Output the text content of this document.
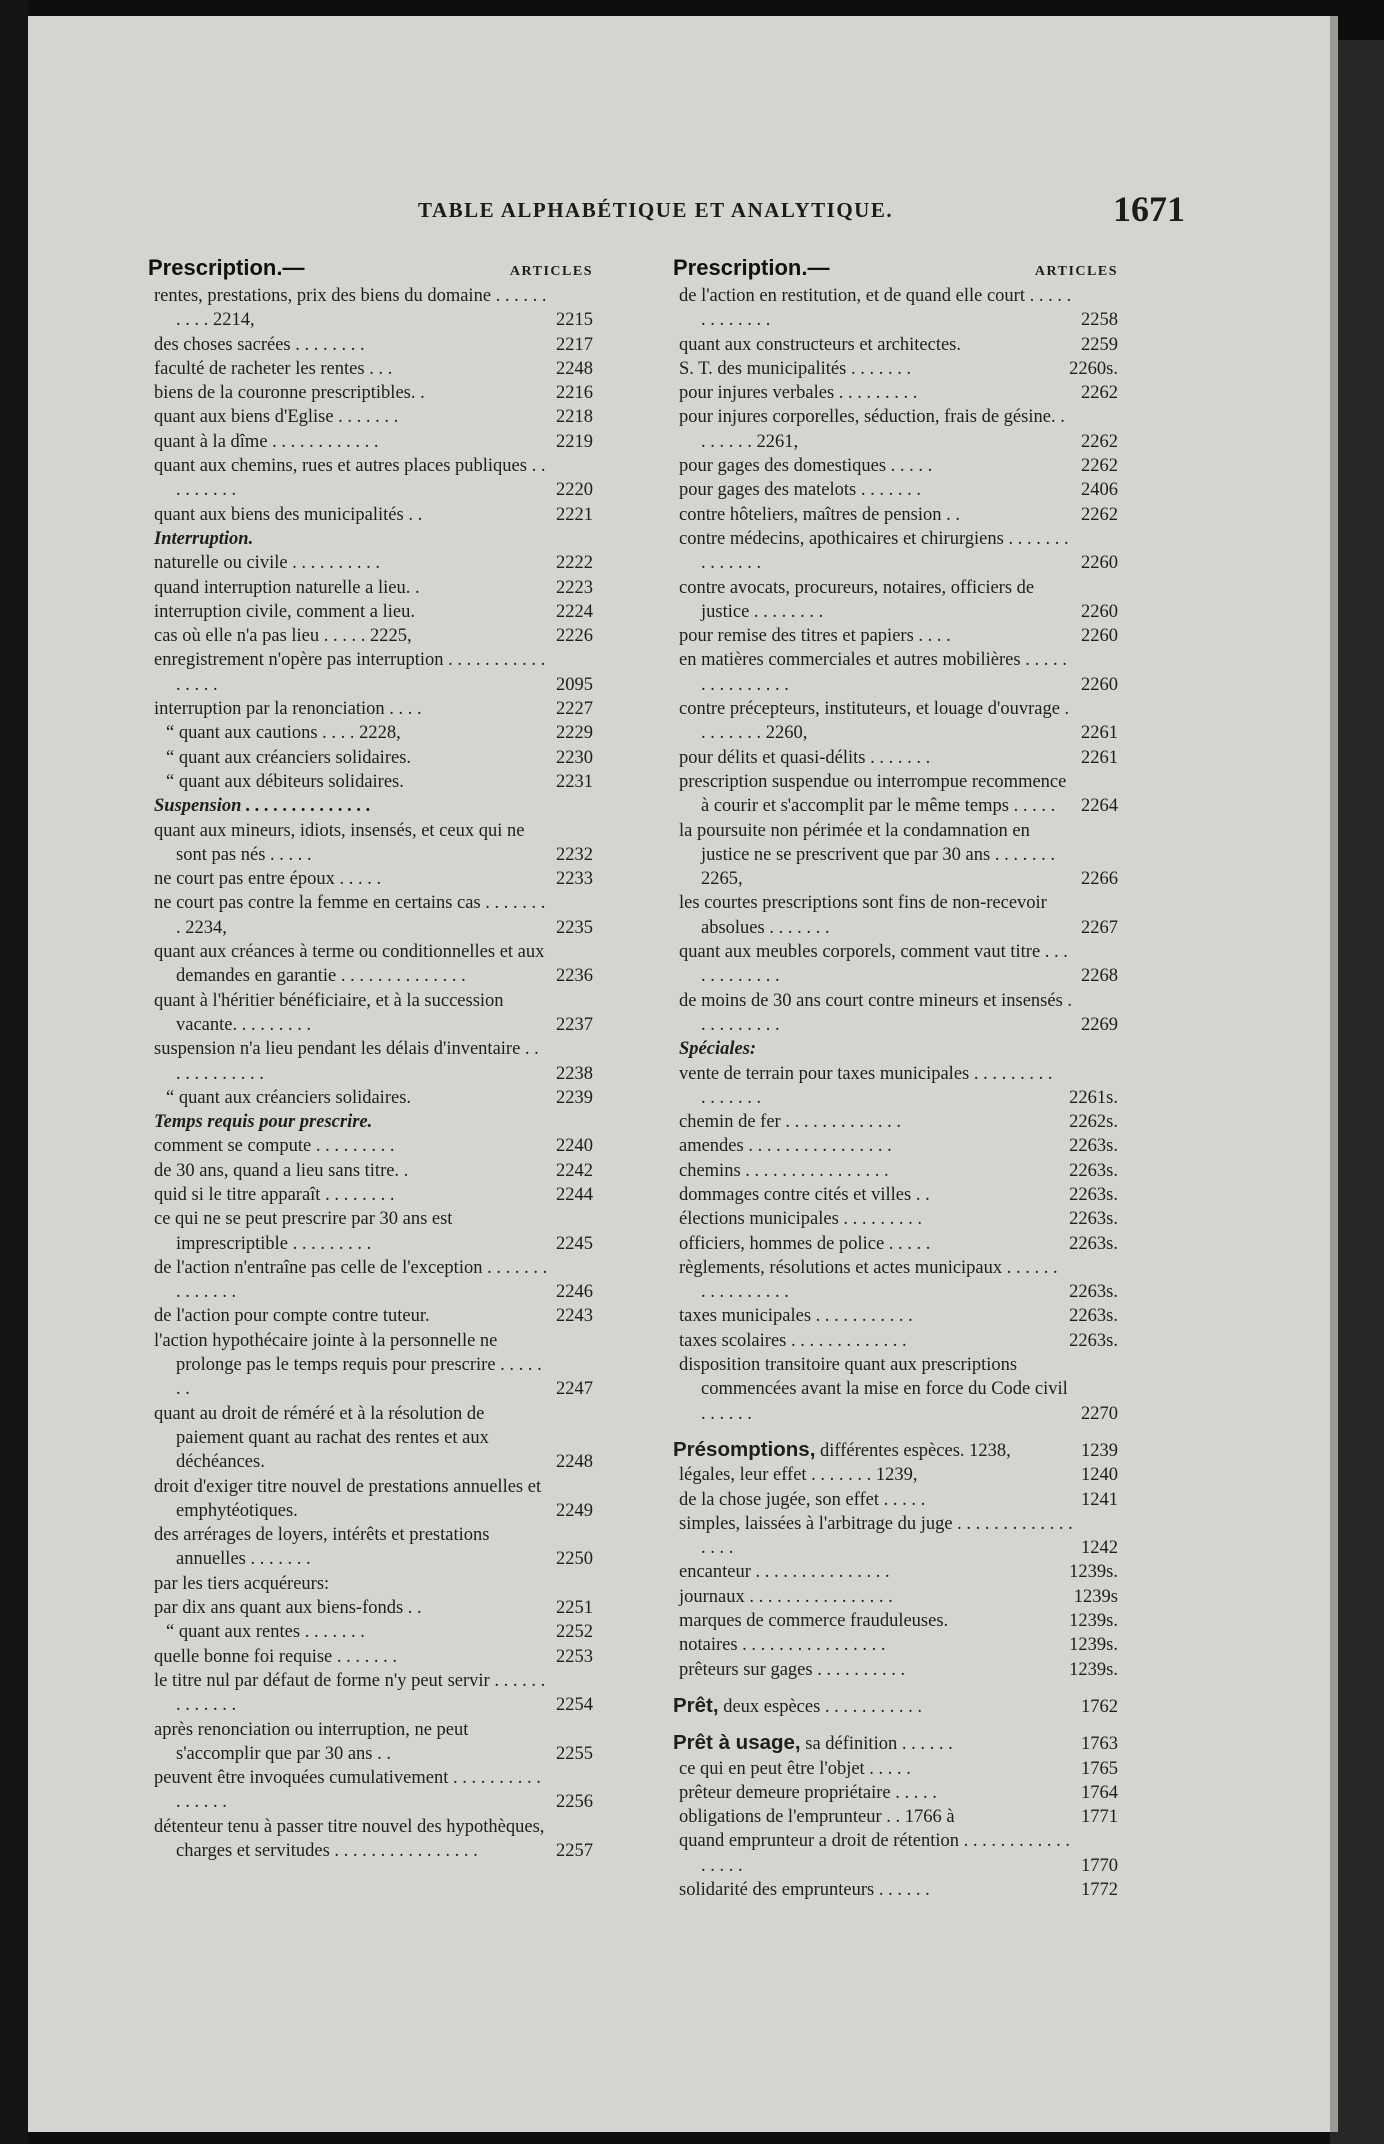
TABLE ALPHABÉTIQUE ET ANALYTIQUE.	1671
Prescription.—	ARTICLES
rentes, prestations, prix des biens du domaine . . . . . . . . . . 2214,	2215
des choses sacrées . . . . . . . .	2217
faculté de racheter les rentes . . .	2248
biens de la couronne prescriptibles. .	2216
quant aux biens d'Eglise . . . . . . .	2218
quant à la dîme . . . . . . . . . . . .	2219
quant aux chemins, rues et autres places publiques . . . . . . . . .	2220
quant aux biens des municipalités . .	2221
Interruption.
naturelle ou civile . . . . . . . . . .	2222
quand interruption naturelle a lieu. .	2223
interruption civile, comment a lieu.	2224
cas où elle n'a pas lieu . . . . . 2225,	2226
enregistrement n'opère pas interruption . . . . . . . . . . . . . . . .	2095
interruption par la renonciation . . . .	2227
“ quant aux cautions . . . . 2228,	2229
“ quant aux créanciers solidaires.	2230
“ quant aux débiteurs solidaires.	2231
Suspension . . . . . . . . . . . . . .
quant aux mineurs, idiots, insensés, et ceux qui ne sont pas nés . . . . .	2232
ne court pas entre époux . . . . .	2233
ne court pas contre la femme en certains cas . . . . . . . . 2234,	2235
quant aux créances à terme ou conditionnelles et aux demandes en garantie . . . . . . . . . . . . . .	2236
quant à l'héritier bénéficiaire, et à la succession vacante. . . . . . . . .	2237
suspension n'a lieu pendant les délais d'inventaire . . . . . . . . . . . .	2238
“ quant aux créanciers solidaires.	2239
Temps requis pour prescrire.
comment se compute . . . . . . . . .	2240
de 30 ans, quand a lieu sans titre. .	2242
quid si le titre apparaît . . . . . . . .	2244
ce qui ne se peut prescrire par 30 ans est imprescriptible . . . . . . . . .	2245
de l'action n'entraîne pas celle de l'exception . . . . . . . . . . . . . .	2246
de l'action pour compte contre tuteur.	2243
l'action hypothécaire jointe à la personnelle ne prolonge pas le temps requis pour prescrire . . . . . . .	2247
quant au droit de réméré et à la résolution de paiement quant au rachat des rentes et aux déchéances.	2248
droit d'exiger titre nouvel de prestations annuelles et emphytéotiques.	2249
des arrérages de loyers, intérêts et prestations annuelles . . . . . . .	2250
par les tiers acquéreurs:
par dix ans quant aux biens-fonds . .	2251
“ quant aux rentes . . . . . . .	2252
quelle bonne foi requise . . . . . . .	2253
le titre nul par défaut de forme n'y peut servir . . . . . . . . . . . . .	2254
après renonciation ou interruption, ne peut s'accomplir que par 30 ans . .	2255
peuvent être invoquées cumulativement . . . . . . . . . . . . . . . .	2256
détenteur tenu à passer titre nouvel des hypothèques, charges et servitudes . . . . . . . . . . . . . . . .	2257
Prescription.—	ARTICLES
de l'action en restitution, et de quand elle court . . . . . . . . . . . . .	2258
quant aux constructeurs et architectes.	2259
S. T. des municipalités . . . . . . .	2260s.
pour injures verbales . . . . . . . . .	2262
pour injures corporelles, séduction, frais de gésine. . . . . . . . 2261,	2262
pour gages des domestiques . . . . .	2262
pour gages des matelots . . . . . . .	2406
contre hôteliers, maîtres de pension . .	2262
contre médecins, apothicaires et chirurgiens . . . . . . . . . . . . . .	2260
contre avocats, procureurs, notaires, officiers de justice . . . . . . . .	2260
pour remise des titres et papiers . . . .	2260
en matières commerciales et autres mobilières . . . . . . . . . . . . . . .	2260
contre précepteurs, instituteurs, et louage d'ouvrage . . . . . . . . 2260,	2261
pour délits et quasi-délits . . . . . . .	2261
prescription suspendue ou interrompue recommence à courir et s'accomplit par le même temps . . . . .	2264
la poursuite non périmée et la condamnation en justice ne se prescrivent que par 30 ans . . . . . . . 2265,	2266
les courtes prescriptions sont fins de non-recevoir absolues . . . . . . .	2267
quant aux meubles corporels, comment vaut titre . . . . . . . . . . . .	2268
de moins de 30 ans court contre mineurs et insensés . . . . . . . . . .	2269
Spéciales:
vente de terrain pour taxes municipales . . . . . . . . . . . . . . . .	2261s.
chemin de fer . . . . . . . . . . . . .	2262s.
amendes . . . . . . . . . . . . . . . .	2263s.
chemins . . . . . . . . . . . . . . . .	2263s.
dommages contre cités et villes . .	2263s.
élections municipales . . . . . . . . .	2263s.
officiers, hommes de police . . . . .	2263s.
règlements, résolutions et actes municipaux . . . . . . . . . . . . . . . .	2263s.
taxes municipales . . . . . . . . . . .	2263s.
taxes scolaires . . . . . . . . . . . . .	2263s.
disposition transitoire quant aux prescriptions commencées avant la mise en force du Code civil . . . . . .	2270
Présomptions, différentes espèces. 1238,	1239
légales, leur effet . . . . . . . 1239,	1240
de la chose jugée, son effet . . . . .	1241
simples, laissées à l'arbitrage du juge . . . . . . . . . . . . . . . . .	1242
encanteur . . . . . . . . . . . . . . .	1239s.
journaux . . . . . . . . . . . . . . . .	1239s
marques de commerce frauduleuses.	1239s.
notaires . . . . . . . . . . . . . . . .	1239s.
prêteurs sur gages . . . . . . . . . .	1239s.
Prêt, deux espèces . . . . . . . . . . .	1762
Prêt à usage, sa définition . . . . . .	1763
ce qui en peut être l'objet . . . . .	1765
prêteur demeure propriétaire . . . . .	1764
obligations de l'emprunteur . . 1766 à	1771
quand emprunteur a droit de rétention . . . . . . . . . . . . . . . . .	1770
solidarité des emprunteurs . . . . . .	1772
